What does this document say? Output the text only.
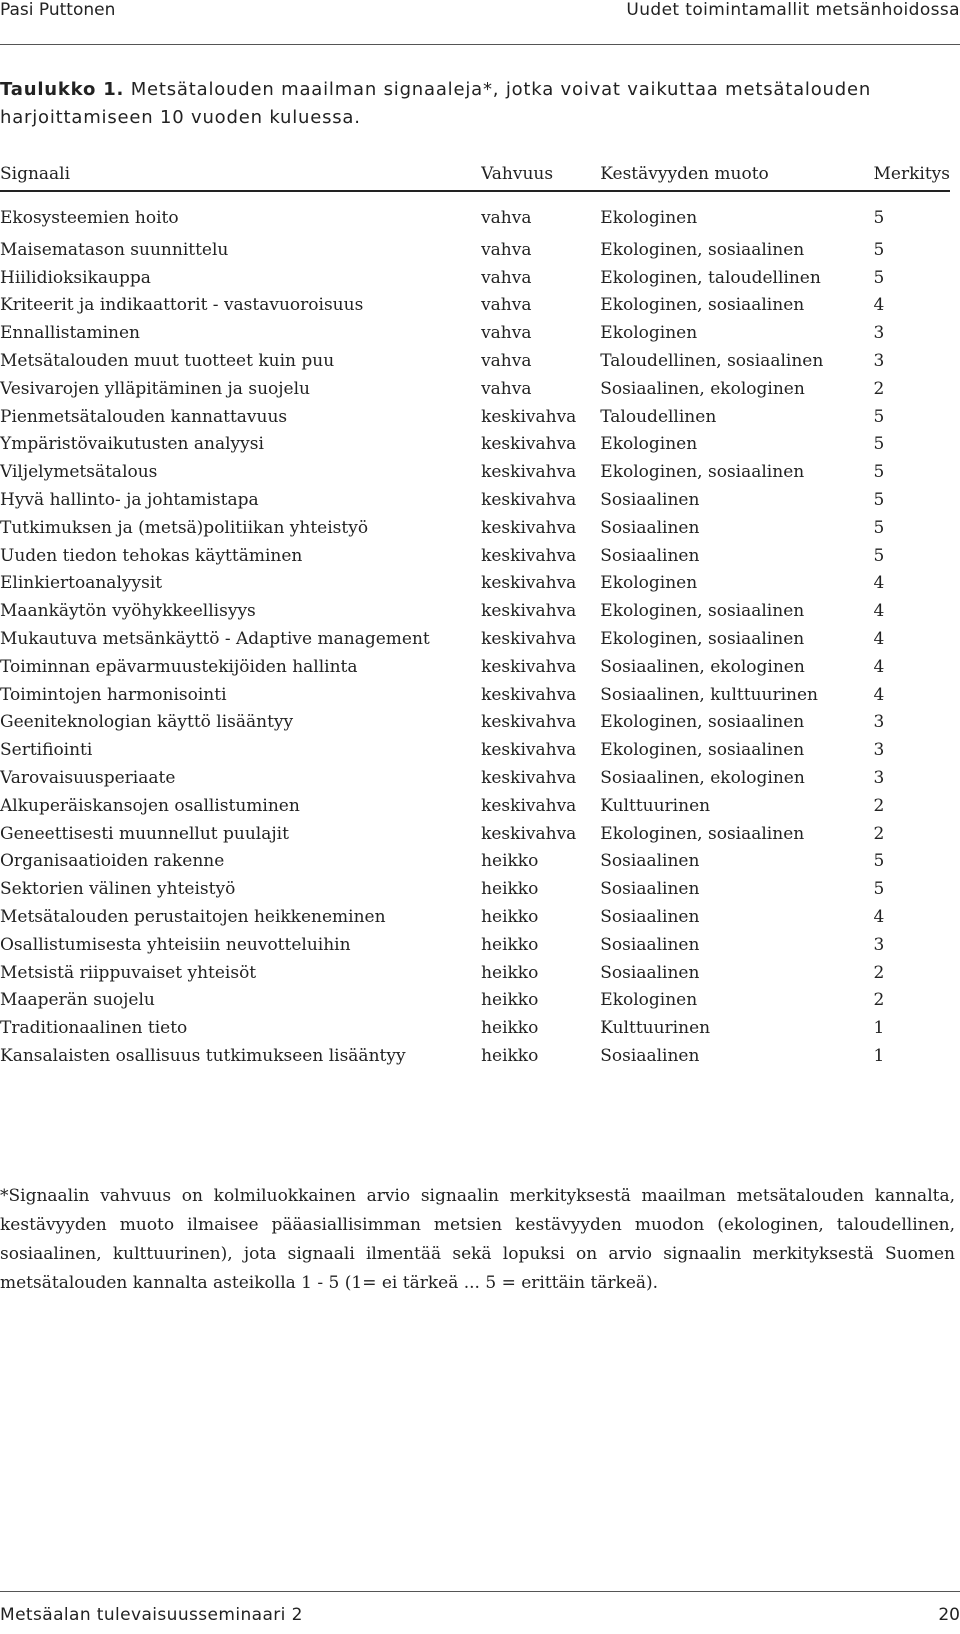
Pasi Puttonen	Uudet toimintamallit metsänhoidossa
Taulukko 1. Metsätalouden maailman signaaleja*, jotka voivat vaikuttaa metsätalouden harjoittamiseen 10 vuoden kuluessa.
Signaali	Vahvuus	Kestävyyden muoto	Merkitys
Ekosysteemien hoito	vahva	Ekologinen	5
Maisematason suunnittelu	vahva	Ekologinen, sosiaalinen	5
Hiilidioksikauppa	vahva	Ekologinen, taloudellinen	5
Kriteerit ja indikaattorit - vastavuoroisuus	vahva	Ekologinen, sosiaalinen	4
Ennallistaminen	vahva	Ekologinen	3
Metsätalouden muut tuotteet kuin puu	vahva	Taloudellinen, sosiaalinen	3
Vesivarojen ylläpitäminen ja suojelu	vahva	Sosiaalinen, ekologinen	2
Pienmetsätalouden kannattavuus	keskivahva	Taloudellinen	5
Ympäristövaikutusten analyysi	keskivahva	Ekologinen	5
Viljelymetsätalous	keskivahva	Ekologinen, sosiaalinen	5
Hyvä hallinto- ja johtamistapa	keskivahva	Sosiaalinen	5
Tutkimuksen ja (metsä)politiikan yhteistyö	keskivahva	Sosiaalinen	5
Uuden tiedon tehokas käyttäminen	keskivahva	Sosiaalinen	5
Elinkiertoanalyysit	keskivahva	Ekologinen	4
Maankäytön vyöhykkeellisyys	keskivahva	Ekologinen, sosiaalinen	4
Mukautuva metsänkäyttö - Adaptive management	keskivahva	Ekologinen, sosiaalinen	4
Toiminnan epävarmuustekijöiden hallinta	keskivahva	Sosiaalinen, ekologinen	4
Toimintojen harmonisointi	keskivahva	Sosiaalinen, kulttuurinen	4
Geeniteknologian käyttö lisääntyy	keskivahva	Ekologinen, sosiaalinen	3
Sertifiointi	keskivahva	Ekologinen, sosiaalinen	3
Varovaisuusperiaate	keskivahva	Sosiaalinen, ekologinen	3
Alkuperäiskansojen osallistuminen	keskivahva	Kulttuurinen	2
Geneettisesti muunnellut puulajit	keskivahva	Ekologinen, sosiaalinen	2
Organisaatioiden rakenne	heikko	Sosiaalinen	5
Sektorien välinen yhteistyö	heikko	Sosiaalinen	5
Metsätalouden perustaitojen heikkeneminen	heikko	Sosiaalinen	4
Osallistumisesta yhteisiin neuvotteluihin	heikko	Sosiaalinen	3
Metsistä riippuvaiset yhteisöt	heikko	Sosiaalinen	2
Maaperän suojelu	heikko	Ekologinen	2
Traditionaalinen tieto	heikko	Kulttuurinen	1
Kansalaisten osallisuus tutkimukseen lisääntyy	heikko	Sosiaalinen	1
*Signaalin vahvuus on kolmiluokkainen arvio signaalin merkityksestä maailman metsätalouden kannalta, kestävyyden muoto ilmaisee pääasiallisimman metsien kestävyyden muodon (ekologinen, taloudellinen, sosiaalinen, kulttuurinen), jota signaali ilmentää sekä lopuksi on arvio signaalin merkityksestä Suomen metsätalouden kannalta asteikolla 1 - 5 (1= ei tärkeä ... 5 = erittäin tärkeä).
Metsäalan tulevaisuusseminaari 2	20
